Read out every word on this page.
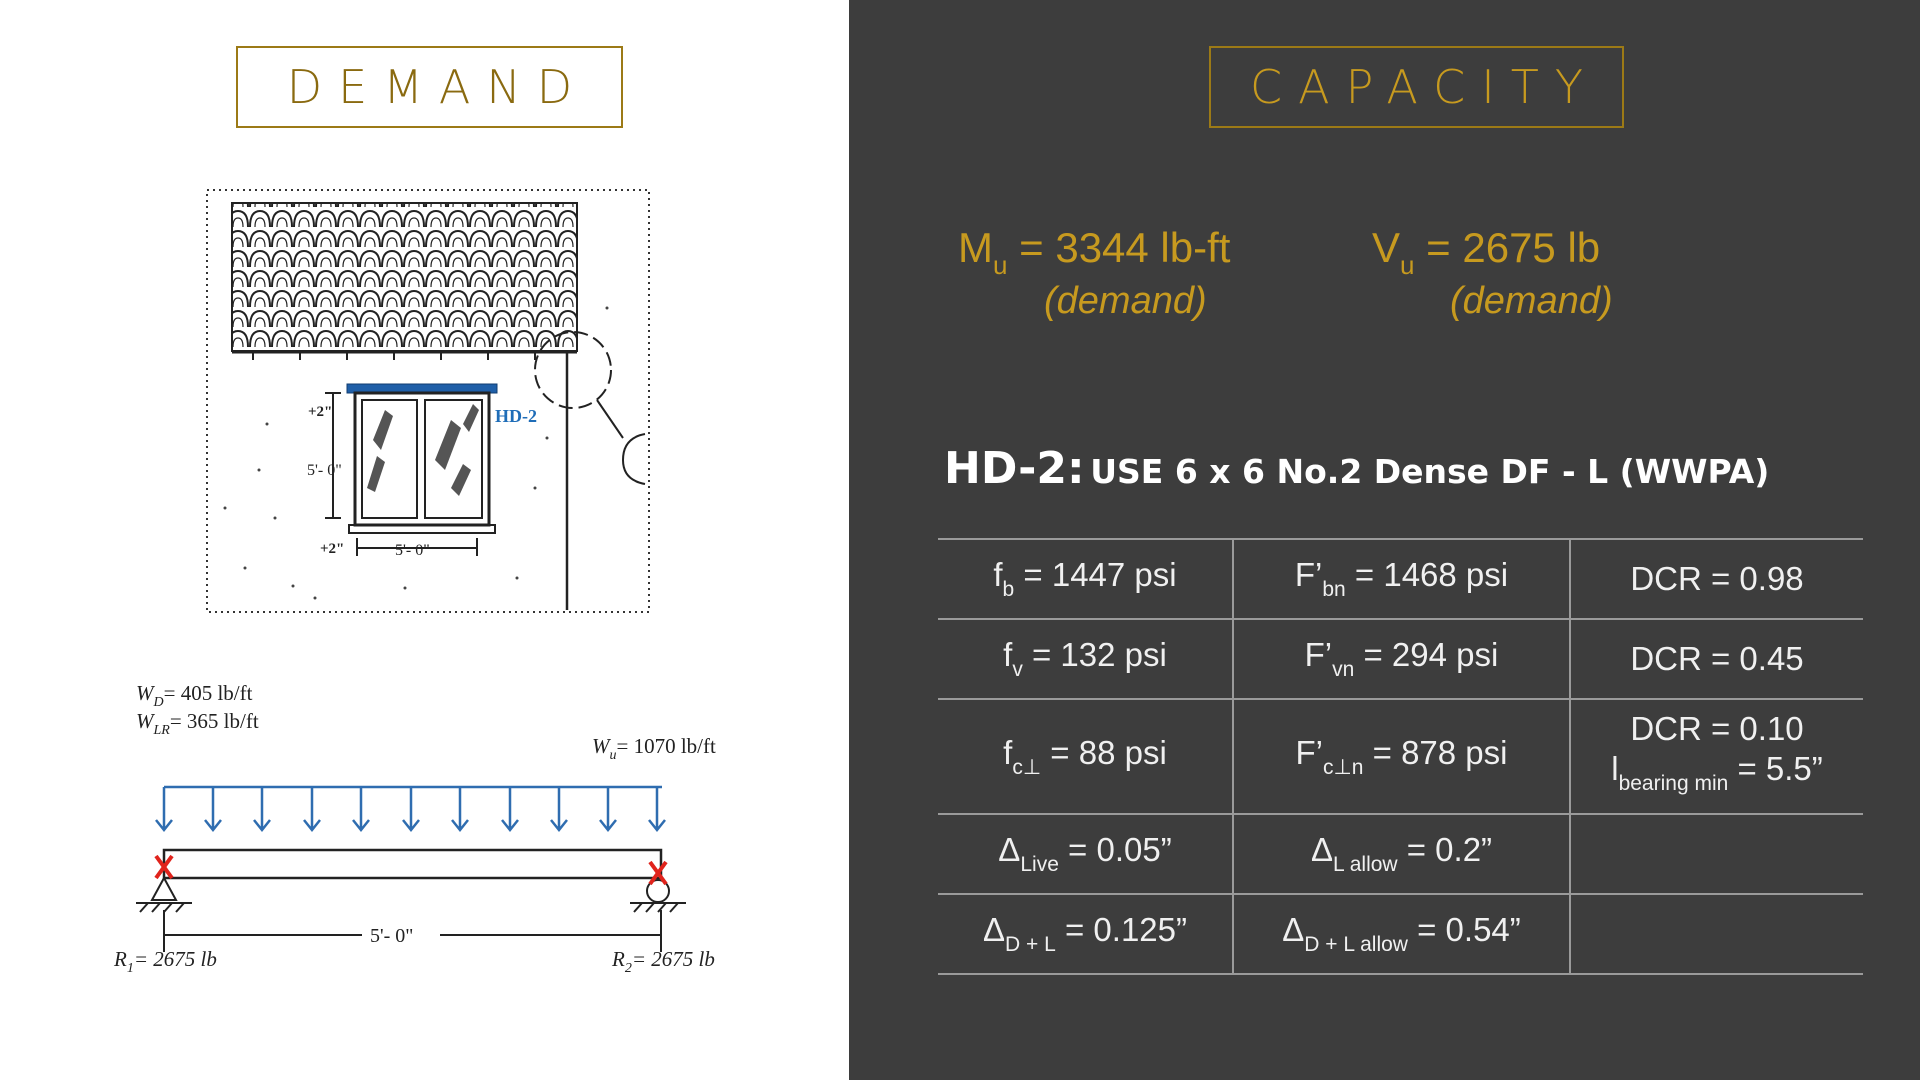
DEMAND
+2"
5'- 0"
+2"	5'- 0"
HD-2
$W_D= 405$ lb/ft
$W_{LR}= 365$ lb/ft
$W_u= 1070$ lb/ft
5'- 0"
$R_1= 2675$ lb	$R_2= 2675$ lb
CAPACITY
$M_u = 3344$ lb-ft
(demand)
$V_u = 2675$ lb
(demand)
HD-2: USE 6 x 6 No.2 Dense DF - L (WWPA)
$f_b = 1447$ psi	$F’_{bn} = 1468$ psi	DCR = 0.98
$f_v = 132$ psi	$F’_{vn} = 294$ psi	DCR = 0.45
$f_{c\perp} = 88$ psi	$F’_{c\perp n} = 878$ psi	DCR = 0.10
$l_{bearing min} = 5.5$”

$\Delta_{Live} = 0.05$”	$\Delta_{L allow} = 0.2$”	
$\Delta_{D + L} = 0.125$”	$\Delta_{D + L allow} = 0.54$”	
